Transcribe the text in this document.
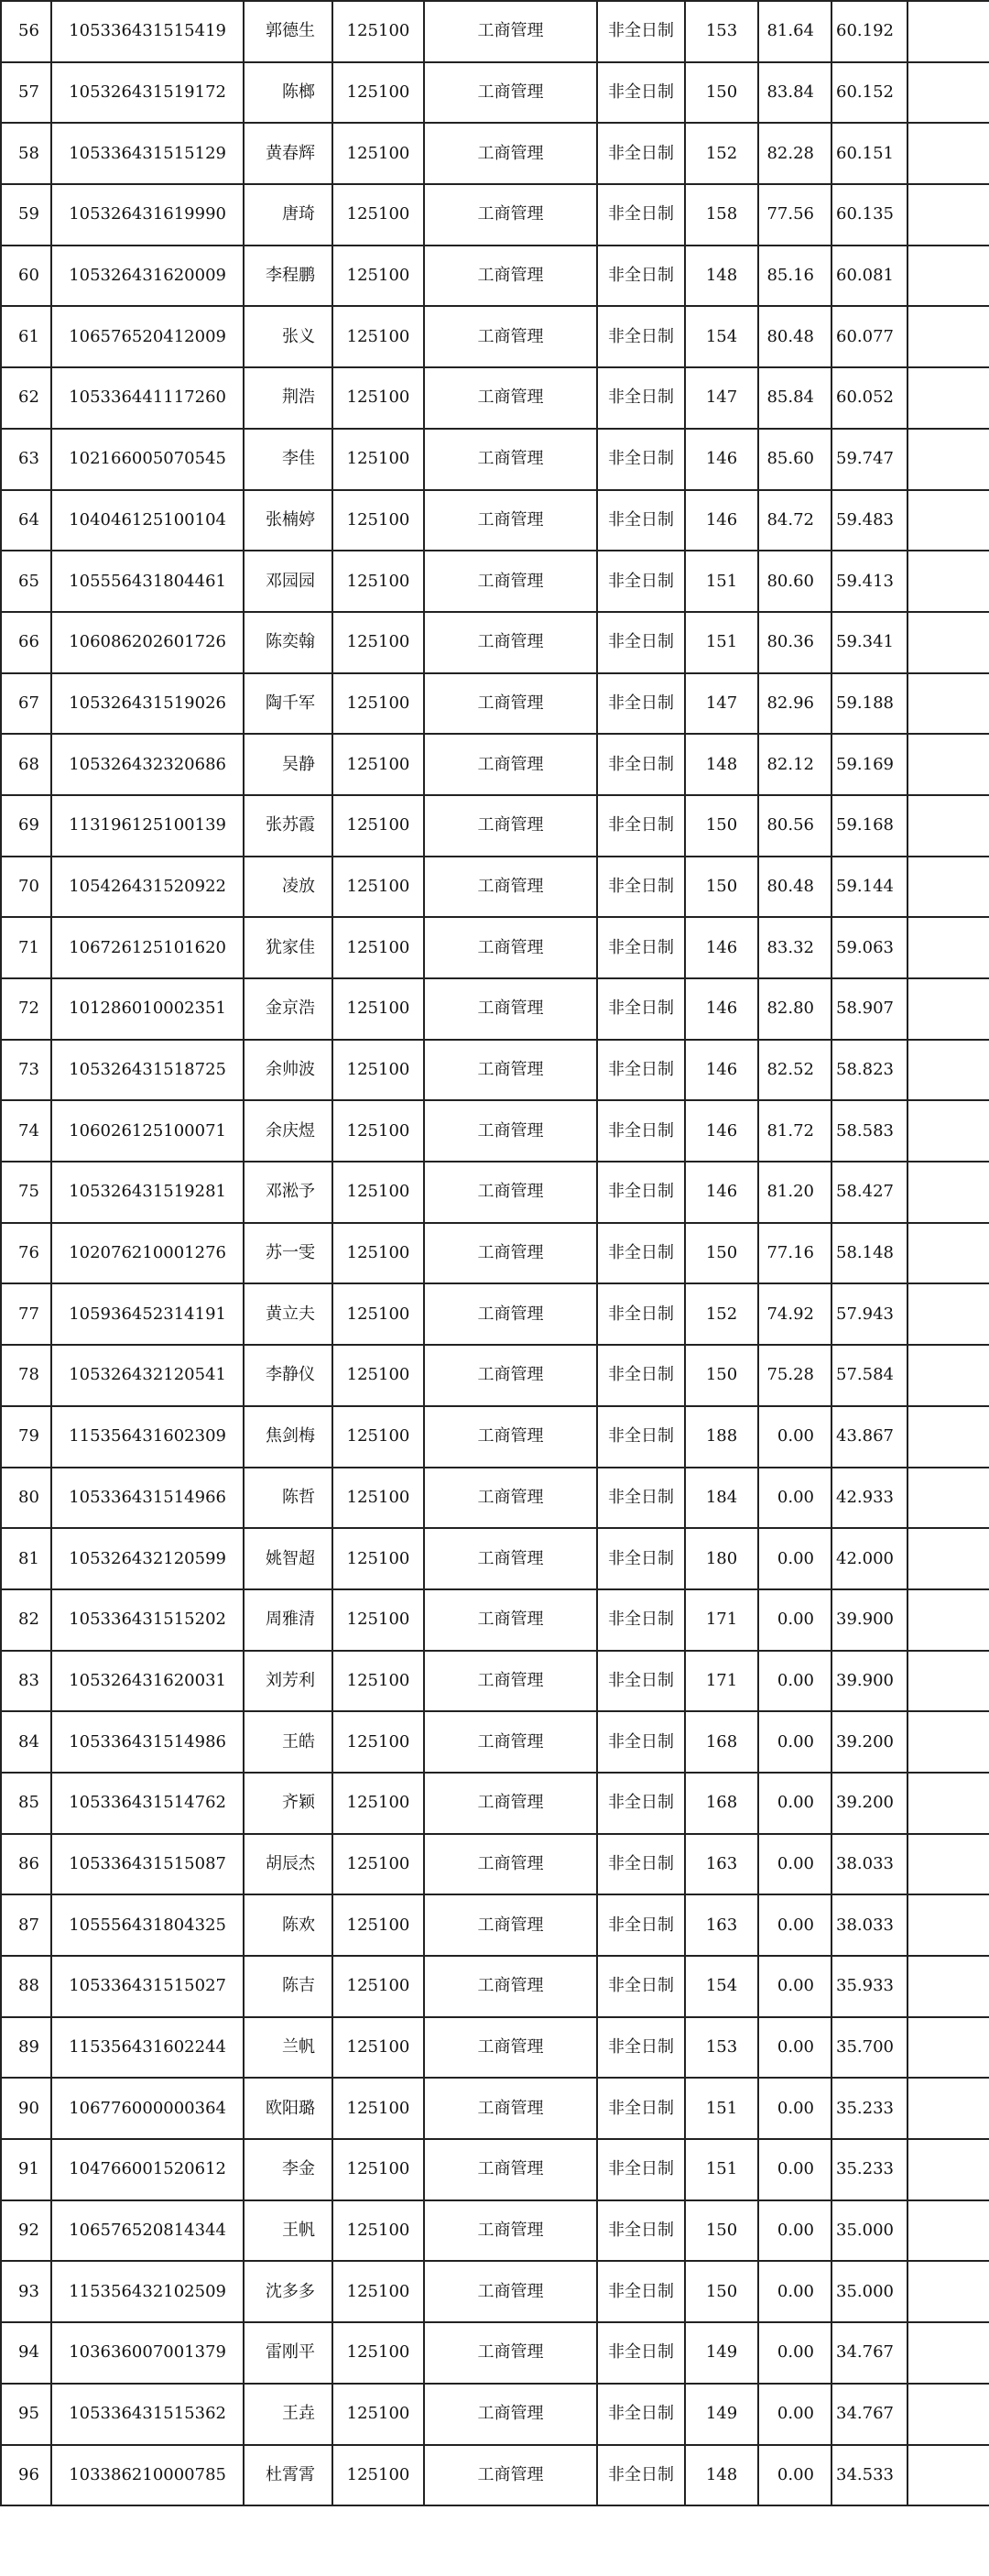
56	105336431515419	郭德生	125100	工商管理	非全日制	153	81.64	60.192	
57	105326431519172	陈榔	125100	工商管理	非全日制	150	83.84	60.152	
58	105336431515129	黄春辉	125100	工商管理	非全日制	152	82.28	60.151	
59	105326431619990	唐琦	125100	工商管理	非全日制	158	77.56	60.135	
60	105326431620009	李程鹏	125100	工商管理	非全日制	148	85.16	60.081	
61	106576520412009	张义	125100	工商管理	非全日制	154	80.48	60.077	
62	105336441117260	荆浩	125100	工商管理	非全日制	147	85.84	60.052	
63	102166005070545	李佳	125100	工商管理	非全日制	146	85.60	59.747	
64	104046125100104	张楠婷	125100	工商管理	非全日制	146	84.72	59.483	
65	105556431804461	邓园园	125100	工商管理	非全日制	151	80.60	59.413	
66	106086202601726	陈奕翰	125100	工商管理	非全日制	151	80.36	59.341	
67	105326431519026	陶千军	125100	工商管理	非全日制	147	82.96	59.188	
68	105326432320686	吴静	125100	工商管理	非全日制	148	82.12	59.169	
69	113196125100139	张苏霞	125100	工商管理	非全日制	150	80.56	59.168	
70	105426431520922	凌放	125100	工商管理	非全日制	150	80.48	59.144	
71	106726125101620	犹家佳	125100	工商管理	非全日制	146	83.32	59.063	
72	101286010002351	金京浩	125100	工商管理	非全日制	146	82.80	58.907	
73	105326431518725	余帅波	125100	工商管理	非全日制	146	82.52	58.823	
74	106026125100071	余庆煜	125100	工商管理	非全日制	146	81.72	58.583	
75	105326431519281	邓淞予	125100	工商管理	非全日制	146	81.20	58.427	
76	102076210001276	苏一雯	125100	工商管理	非全日制	150	77.16	58.148	
77	105936452314191	黄立夫	125100	工商管理	非全日制	152	74.92	57.943	
78	105326432120541	李静仪	125100	工商管理	非全日制	150	75.28	57.584	
79	115356431602309	焦剑梅	125100	工商管理	非全日制	188	0.00	43.867	
80	105336431514966	陈哲	125100	工商管理	非全日制	184	0.00	42.933	
81	105326432120599	姚智超	125100	工商管理	非全日制	180	0.00	42.000	
82	105336431515202	周雅清	125100	工商管理	非全日制	171	0.00	39.900	
83	105326431620031	刘芳利	125100	工商管理	非全日制	171	0.00	39.900	
84	105336431514986	王皓	125100	工商管理	非全日制	168	0.00	39.200	
85	105336431514762	齐颖	125100	工商管理	非全日制	168	0.00	39.200	
86	105336431515087	胡辰杰	125100	工商管理	非全日制	163	0.00	38.033	
87	105556431804325	陈欢	125100	工商管理	非全日制	163	0.00	38.033	
88	105336431515027	陈吉	125100	工商管理	非全日制	154	0.00	35.933	
89	115356431602244	兰帆	125100	工商管理	非全日制	153	0.00	35.700	
90	106776000000364	欧阳璐	125100	工商管理	非全日制	151	0.00	35.233	
91	104766001520612	李金	125100	工商管理	非全日制	151	0.00	35.233	
92	106576520814344	王帆	125100	工商管理	非全日制	150	0.00	35.000	
93	115356432102509	沈多多	125100	工商管理	非全日制	150	0.00	35.000	
94	103636007001379	雷刚平	125100	工商管理	非全日制	149	0.00	34.767	
95	105336431515362	王垚	125100	工商管理	非全日制	149	0.00	34.767	
96	103386210000785	杜霄霄	125100	工商管理	非全日制	148	0.00	34.533	
